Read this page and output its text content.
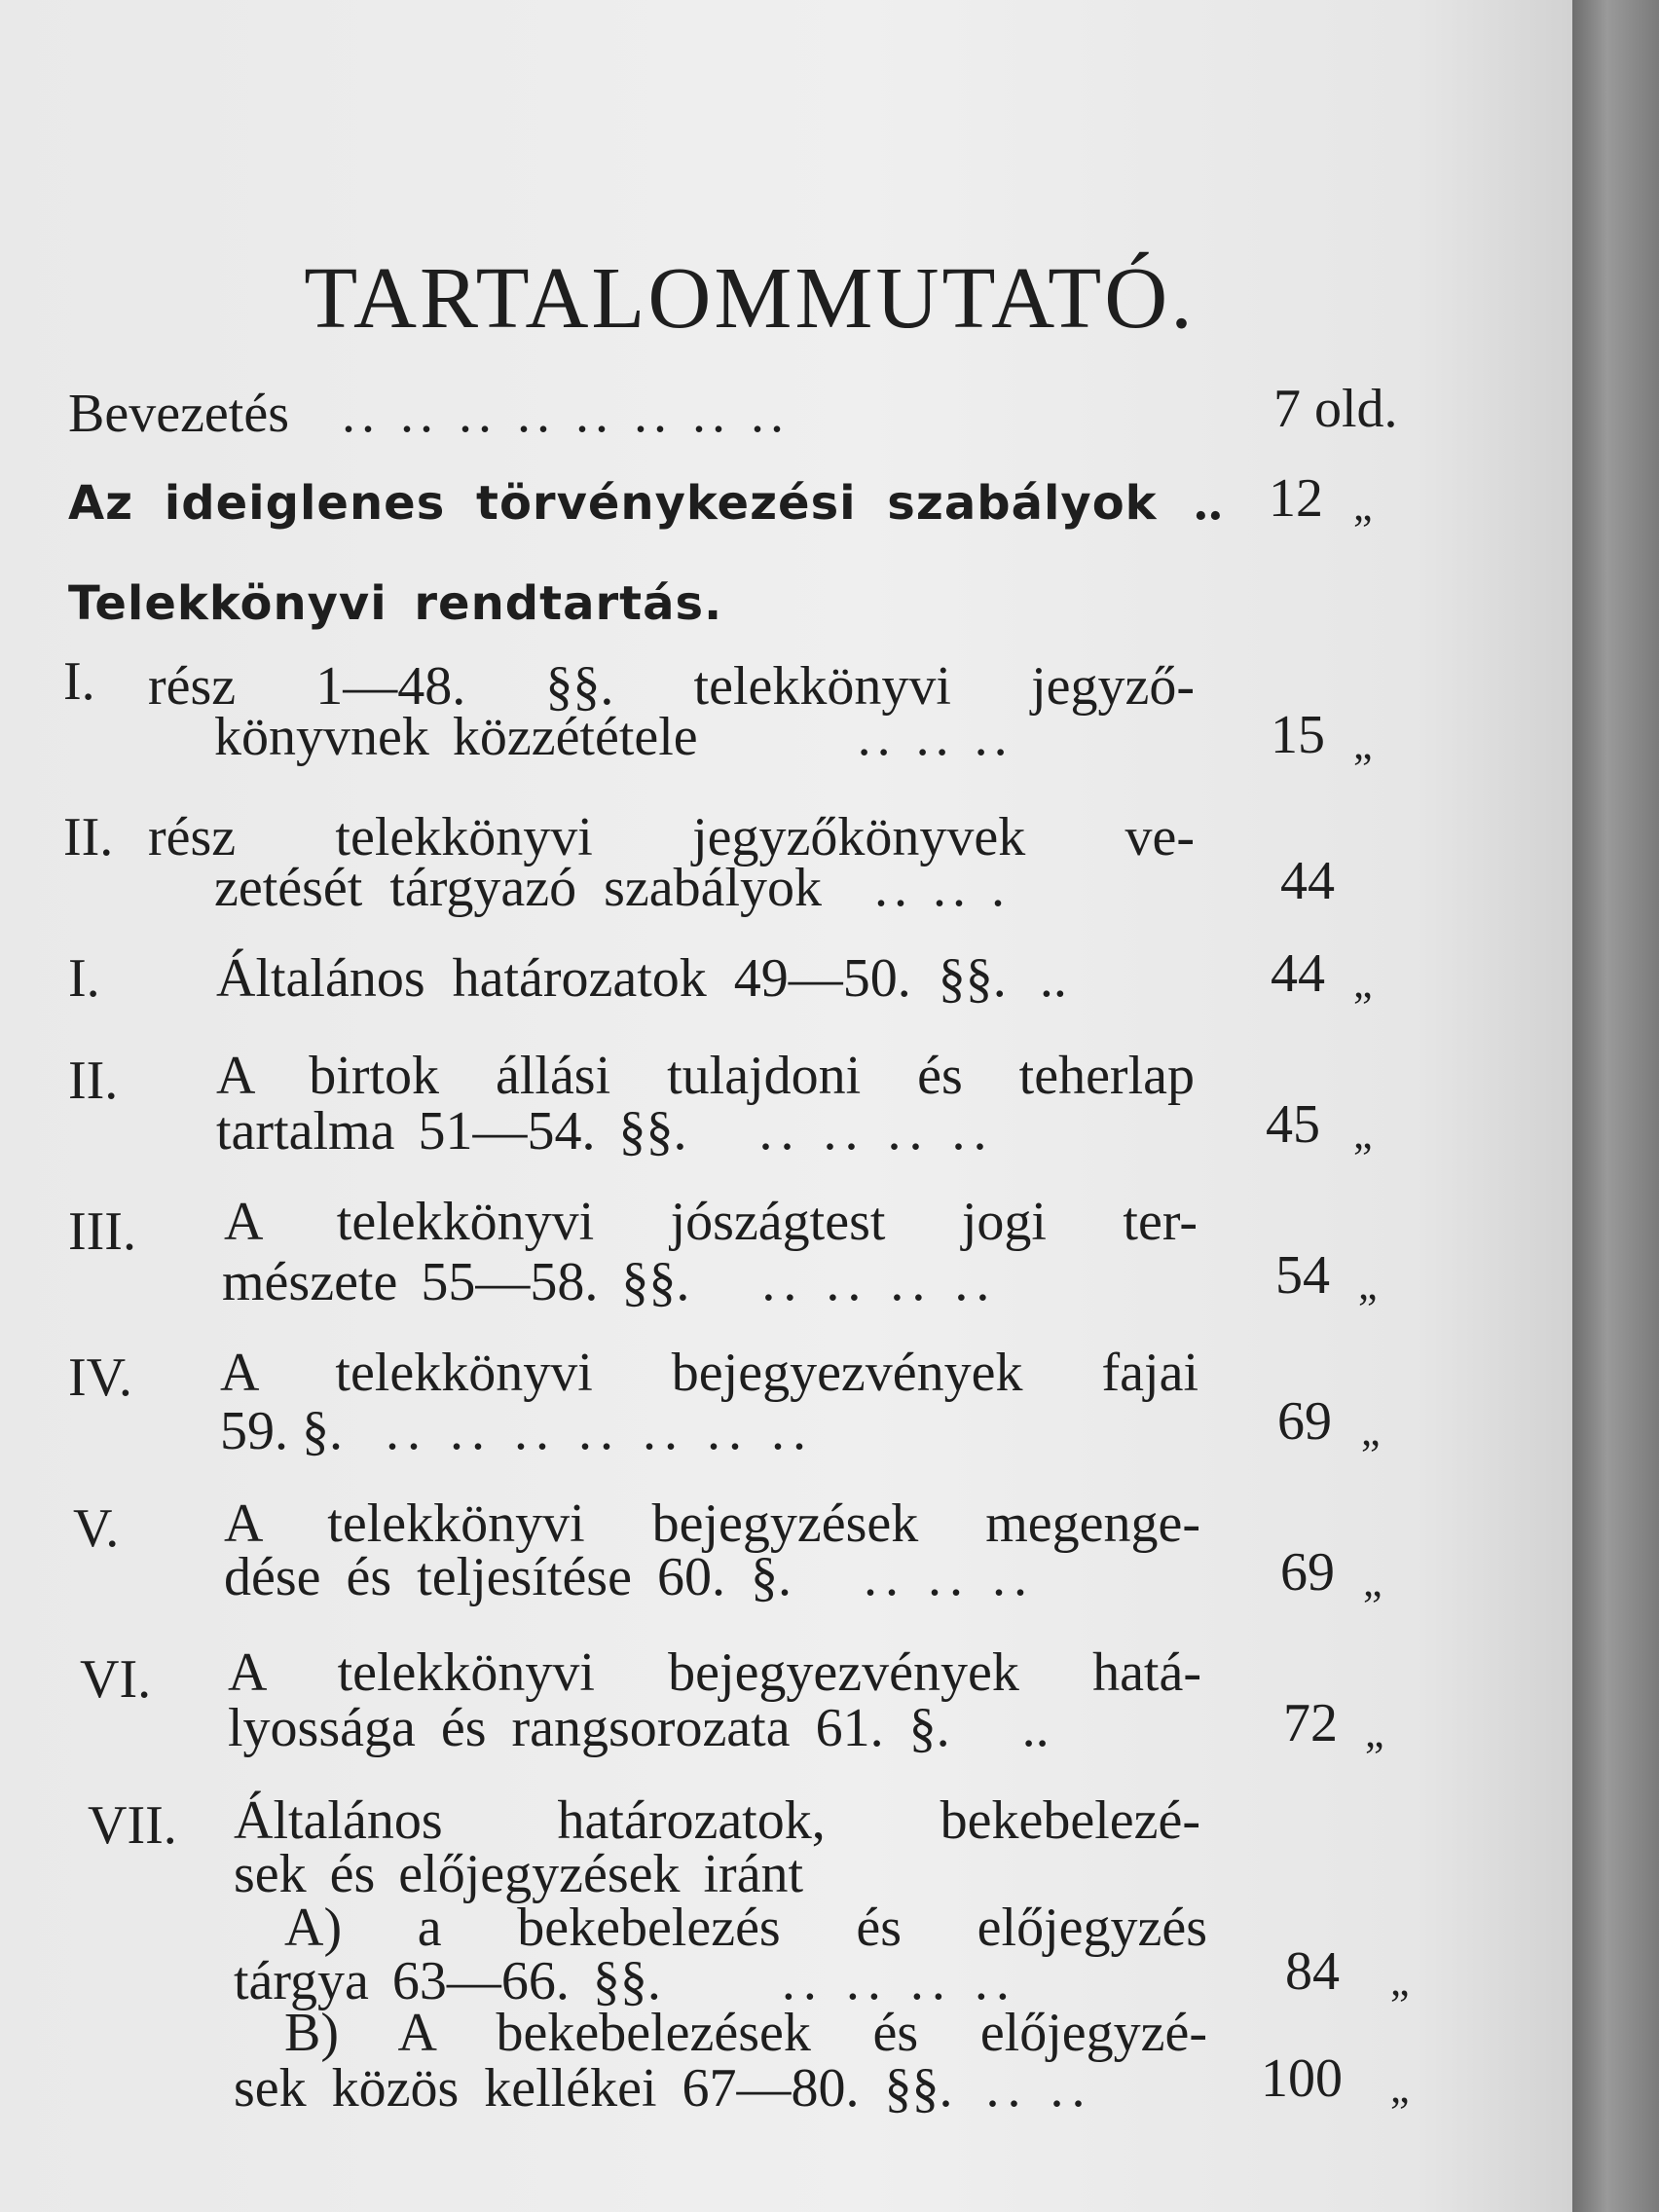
TARTALOMMUTATÓ.
Bevezetés .. .. .. .. .. .. .. ..	7 old.
Az ideiglenes törvénykezési szabályok .. 12 „
Telekkönyvi rendtartás.
I. rész 1—48. §§. telekkönyvi jegyző-
könyvnek közzététele	.. .. ..	15 „
II. rész telekkönyvi jegyzőkönyvek ve-
zetését tárgyazó szabályok .. .. .	44
I. Általános határozatok 49—50. §§. ..	44 „
II. A birtok állási tulajdoni és teherlap
tartalma 51—54. §§. .. .. .. ..	45 „
III. A telekkönyvi jószágtest jogi ter-
mészete 55—58. §§. .. .. .. ..	54 „
IV. A telekkönyvi bejegyezvények fajai
59. §. .. .. .. .. .. .. ..	69 „
V. A telekkönyvi bejegyzések megenge-
dése és teljesítése 60. §. .. .. ..	69 „
VI. A telekkönyvi bejegyezvények hatá-
lyossága és rangsorozata 61. §. ..	72 „
VII. Általános határozatok, bekebelezé-
sek és előjegyzések iránt
A) a bekebelezés és előjegyzés
tárgya 63—66. §§. .. .. .. ..	84 „
B) A bekebelezések és előjegyzé-
sek közös kellékei 67—80. §§. .. ..	100 „
